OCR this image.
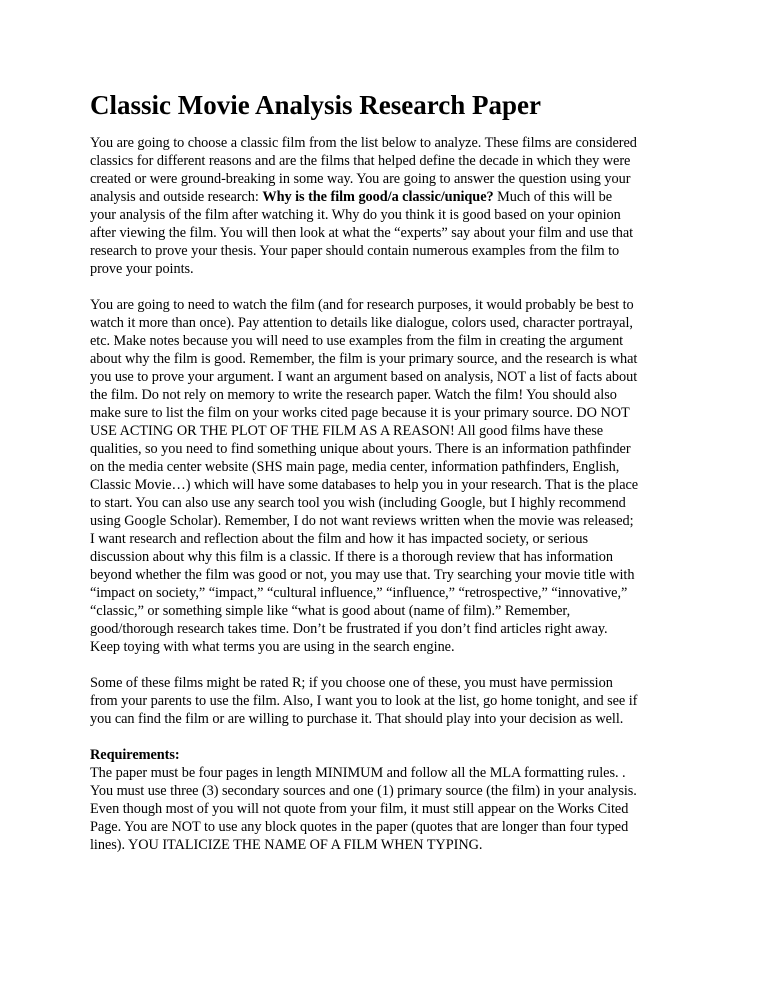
Classic Movie Analysis Research Paper
You are going to choose a classic film from the list below to analyze. These films are considered
classics for different reasons and are the films that helped define the decade in which they were
created or were ground-breaking in some way. You are going to answer the question using your
analysis and outside research: Why is the film good/a classic/unique? Much of this will be
your analysis of the film after watching it. Why do you think it is good based on your opinion
after viewing the film. You will then look at what the “experts” say about your film and use that
research to prove your thesis. Your paper should contain numerous examples from the film to
prove your points.
You are going to need to watch the film (and for research purposes, it would probably be best to
watch it more than once). Pay attention to details like dialogue, colors used, character portrayal,
etc. Make notes because you will need to use examples from the film in creating the argument
about why the film is good. Remember, the film is your primary source, and the research is what
you use to prove your argument. I want an argument based on analysis, NOT a list of facts about
the film. Do not rely on memory to write the research paper. Watch the film! You should also
make sure to list the film on your works cited page because it is your primary source. DO NOT
USE ACTING OR THE PLOT OF THE FILM AS A REASON! All good films have these
qualities, so you need to find something unique about yours. There is an information pathfinder
on the media center website (SHS main page, media center, information pathfinders, English,
Classic Movie…) which will have some databases to help you in your research. That is the place
to start. You can also use any search tool you wish (including Google, but I highly recommend
using Google Scholar). Remember, I do not want reviews written when the movie was released;
I want research and reflection about the film and how it has impacted society, or serious
discussion about why this film is a classic. If there is a thorough review that has information
beyond whether the film was good or not, you may use that. Try searching your movie title with
“impact on society,” “impact,” “cultural influence,” “influence,” “retrospective,” “innovative,”
“classic,” or something simple like “what is good about (name of film).” Remember,
good/thorough research takes time. Don’t be frustrated if you don’t find articles right away.
Keep toying with what terms you are using in the search engine.
Some of these films might be rated R; if you choose one of these, you must have permission
from your parents to use the film. Also, I want you to look at the list, go home tonight, and see if
you can find the film or are willing to purchase it. That should play into your decision as well.
Requirements:
The paper must be four pages in length MINIMUM and follow all the MLA formatting rules. .
You must use three (3) secondary sources and one (1) primary source (the film) in your analysis.
Even though most of you will not quote from your film, it must still appear on the Works Cited
Page. You are NOT to use any block quotes in the paper (quotes that are longer than four typed
lines). YOU ITALICIZE THE NAME OF A FILM WHEN TYPING.
